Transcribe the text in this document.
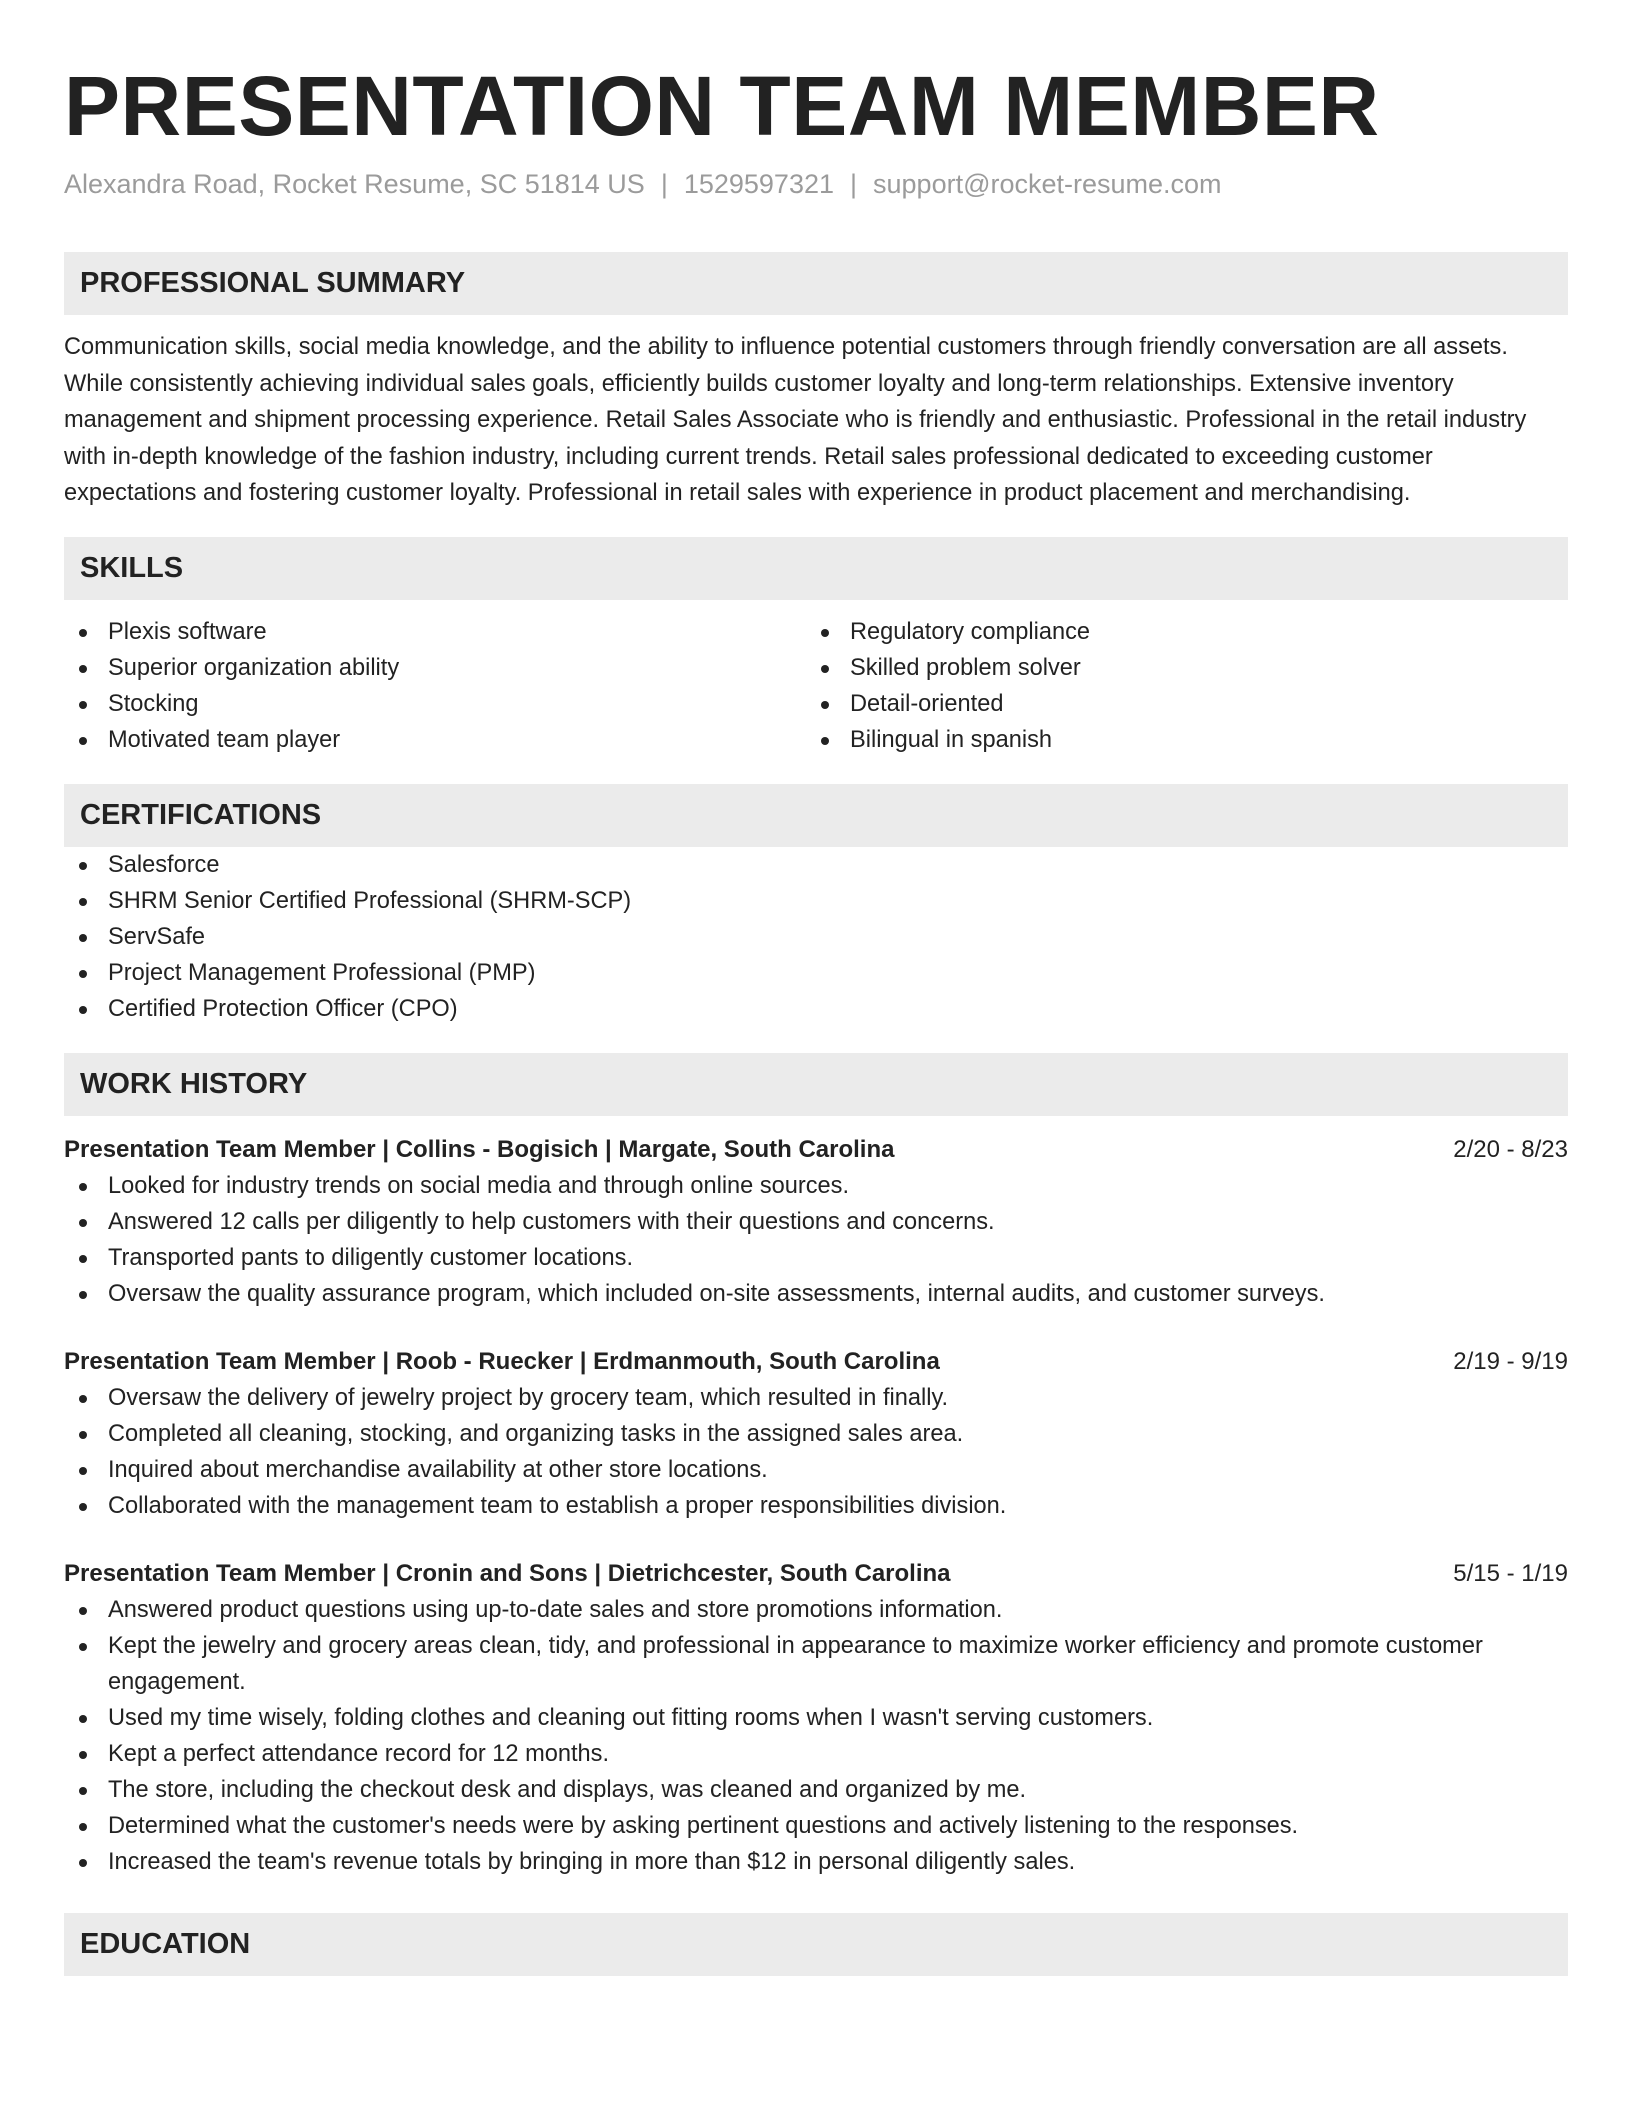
PRESENTATION TEAM MEMBER
Alexandra Road, Rocket Resume, SC 51814 US | 1529597321 | support@rocket-resume.com
PROFESSIONAL SUMMARY
Communication skills, social media knowledge, and the ability to influence potential customers through friendly conversation are all assets. While consistently achieving individual sales goals, efficiently builds customer loyalty and long-term relationships. Extensive inventory management and shipment processing experience. Retail Sales Associate who is friendly and enthusiastic. Professional in the retail industry with in-depth knowledge of the fashion industry, including current trends. Retail sales professional dedicated to exceeding customer expectations and fostering customer loyalty. Professional in retail sales with experience in product placement and merchandising.
SKILLS
Plexis software
Superior organization ability
Stocking
Motivated team player
Regulatory compliance
Skilled problem solver
Detail-oriented
Bilingual in spanish
CERTIFICATIONS
Salesforce
SHRM Senior Certified Professional (SHRM-SCP)
ServSafe
Project Management Professional (PMP)
Certified Protection Officer (CPO)
WORK HISTORY
Presentation Team Member | Collins - Bogisich | Margate, South Carolina	2/20 - 8/23
Looked for industry trends on social media and through online sources.
Answered 12 calls per diligently to help customers with their questions and concerns.
Transported pants to diligently customer locations.
Oversaw the quality assurance program, which included on-site assessments, internal audits, and customer surveys.
Presentation Team Member | Roob - Ruecker | Erdmanmouth, South Carolina	2/19 - 9/19
Oversaw the delivery of jewelry project by grocery team, which resulted in finally.
Completed all cleaning, stocking, and organizing tasks in the assigned sales area.
Inquired about merchandise availability at other store locations.
Collaborated with the management team to establish a proper responsibilities division.
Presentation Team Member | Cronin and Sons | Dietrichcester, South Carolina	5/15 - 1/19
Answered product questions using up-to-date sales and store promotions information.
Kept the jewelry and grocery areas clean, tidy, and professional in appearance to maximize worker efficiency and promote customer engagement.
Used my time wisely, folding clothes and cleaning out fitting rooms when I wasn't serving customers.
Kept a perfect attendance record for 12 months.
The store, including the checkout desk and displays, was cleaned and organized by me.
Determined what the customer's needs were by asking pertinent questions and actively listening to the responses.
Increased the team's revenue totals by bringing in more than $12 in personal diligently sales.
EDUCATION
